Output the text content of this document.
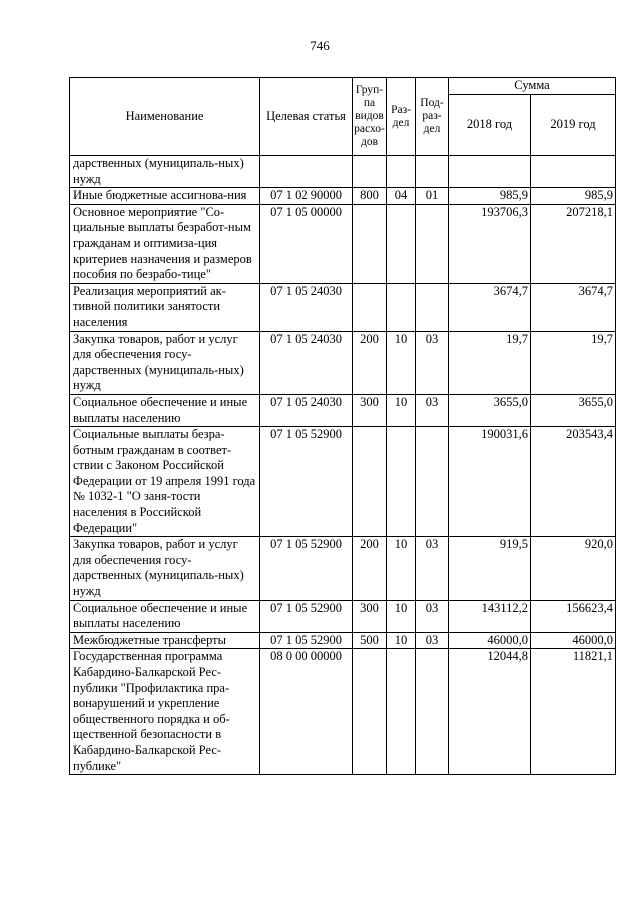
746
Наименование	Целевая статья	Груп-па видов расхо-дов	Раз-дел	Под-раз-дел	Сумма	
					2018 год	2019 год
дарственных (муниципаль-ных) нужд						
Иные бюджетные ассигнова-ния	07 1 02 90000	800	04	01	985,9	985,9
Основное мероприятие "Со-циальные выплаты безработ-ным гражданам и оптимиза-ция критериев назначения и размеров пособия по безрабо-тице"	07 1 05 00000				193706,3	207218,1
Реализация мероприятий ак-тивной политики занятости населения	07 1 05 24030				3674,7	3674,7
Закупка товаров, работ и услуг для обеспечения госу-дарственных (муниципаль-ных) нужд	07 1 05 24030	200	10	03	19,7	19,7
Социальное обеспечение и иные выплаты населению	07 1 05 24030	300	10	03	3655,0	3655,0
Социальные выплаты безра-ботным гражданам в соответ-ствии с Законом Российской Федерации от 19 апреля 1991 года № 1032-1 "О заня-тости населения в Российской Федерации"	07 1 05 52900				190031,6	203543,4
Закупка товаров, работ и услуг для обеспечения госу-дарственных (муниципаль-ных) нужд	07 1 05 52900	200	10	03	919,5	920,0
Социальное обеспечение и иные выплаты населению	07 1 05 52900	300	10	03	143112,2	156623,4
Межбюджетные трансферты	07 1 05 52900	500	10	03	46000,0	46000,0
Государственная программа Кабардино-Балкарской Рес-публики "Профилактика пра-вонарушений и укрепление общественного порядка и об-щественной безопасности в Кабардино-Балкарской Рес-публике"	08 0 00 00000				12044,8	11821,1
